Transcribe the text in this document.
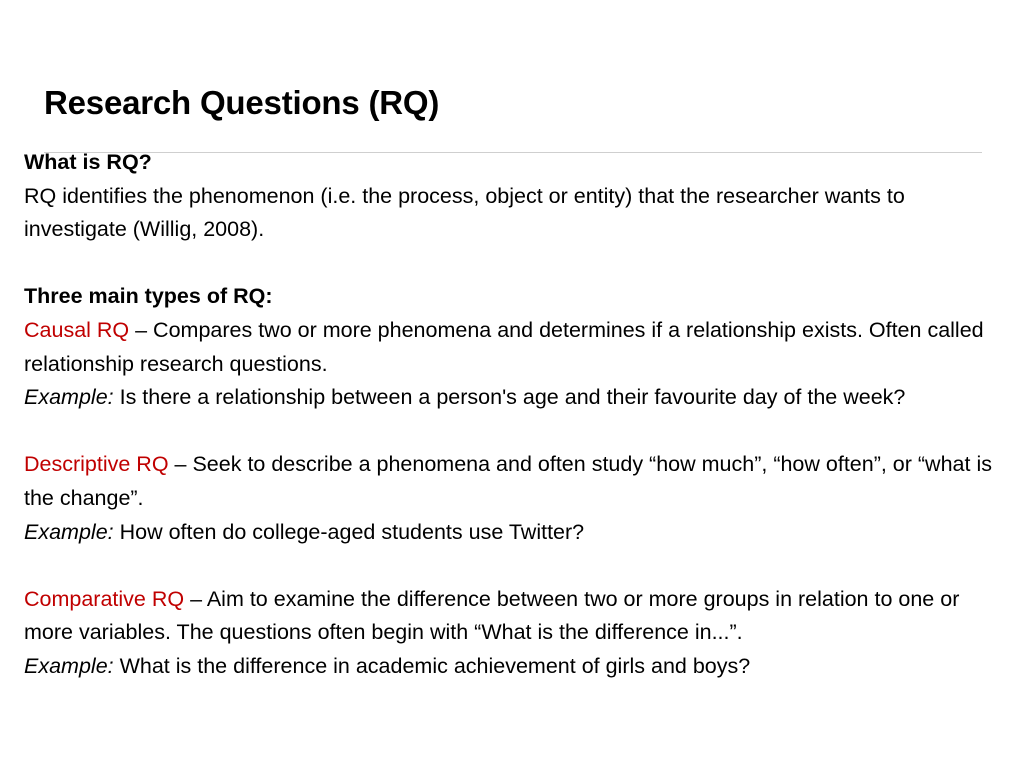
Research Questions (RQ)

What is RQ?

RQ identifies the phenomenon (i.e. the process, object or entity) that the researcher wants to investigate (Willig, 2008).

Three main types of RQ:

Causal RQ – Compares two or more phenomena and determines if a relationship exists. Often called relationship research questions.

Example: Is there a relationship between a person's age and their favourite day of the week?

Descriptive RQ – Seek to describe a phenomena and often study “how much”, “how often”, or “what is the change”.

Example: How often do college-aged students use Twitter?

Comparative RQ – Aim to examine the difference between two or more groups in relation to one or more variables. The questions often begin with “What is the difference in...”.

Example: What is the difference in academic achievement of girls and boys?
